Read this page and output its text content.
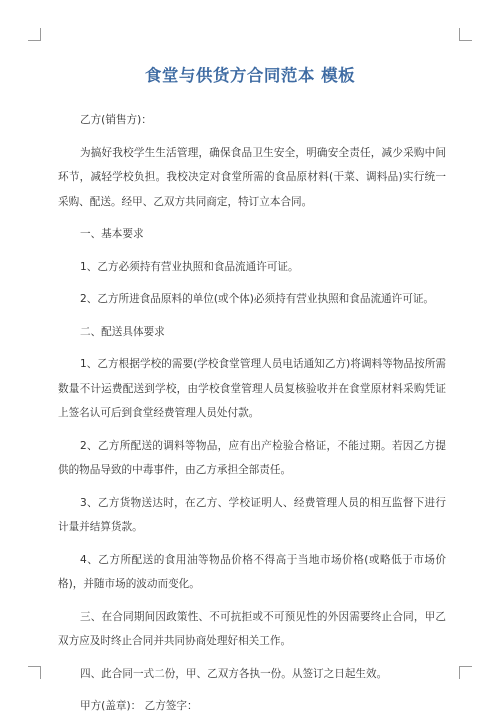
食堂与供货方合同范本 模板

乙方(销售方)：

为搞好我校学生生活管理，确保食品卫生安全，明确安全责任，减少采购中间环节，减轻学校负担。我校决定对食堂所需的食品原材料(干菜、调料品)实行统一采购、配送。经甲、乙双方共同商定，特订立本合同。

一、基本要求

1、乙方必须持有营业执照和食品流通许可证。

2、乙方所进食品原料的单位(或个体)必须持有营业执照和食品流通许可证。

二、配送具体要求

1、乙方根据学校的需要(学校食堂管理人员电话通知乙方)将调料等物品按所需数量不计运费配送到学校，由学校食堂管理人员复核验收并在食堂原材料采购凭证上签名认可后到食堂经费管理人员处付款。

2、乙方所配送的调料等物品，应有出产检验合格证，不能过期。若因乙方提供的物品导致的中毒事件，由乙方承担全部责任。

3、乙方货物送达时，在乙方、学校证明人、经费管理人员的相互监督下进行计量并结算货款。

4、乙方所配送的食用油等物品价格不得高于当地市场价格(或略低于市场价格)，并随市场的波动而变化。

三、在合同期间因政策性、不可抗拒或不可预见性的外因需要终止合同，甲乙双方应及时终止合同并共同协商处理好相关工作。

四、此合同一式二份，甲、乙双方各执一份。从签订之日起生效。

甲方(盖章)： 乙方签字：
